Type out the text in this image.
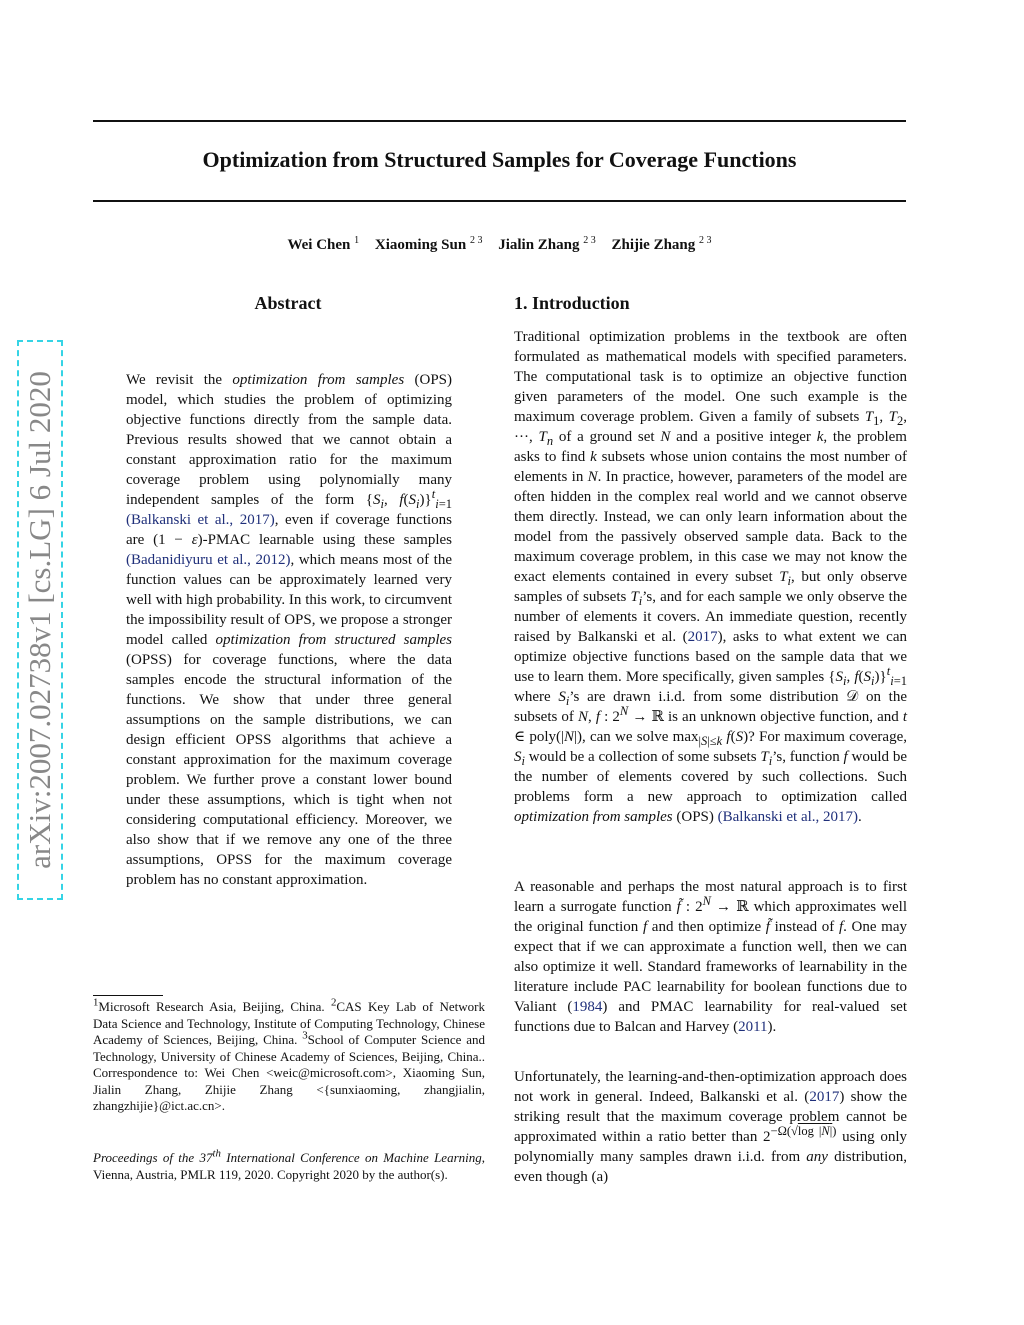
Optimization from Structured Samples for Coverage Functions
Wei Chen $^1$ Xiaoming Sun $^{2 3}$ Jialin Zhang $^{2 3}$ Zhijie Zhang $^{2 3}$
arXiv:2007.02738v1 [cs.LG] 6 Jul 2020
Abstract

We revisit the optimization from samples (OPS) model, which studies the problem of optimizing objective functions directly from the sample data. Previous results showed that we cannot obtain a constant approximation ratio for the maximum coverage problem using polynomially many independent samples of the form {$S_i$, $f(S_i)\}^t_{i=1}$ (Balkanski et al., 2017), even if coverage functions are (1 − ε)-PMAC learnable using these samples (Badanidiyuru et al., 2012), which means most of the function values can be approximately learned very well with high probability. In this work, to circumvent the impossibility result of OPS, we propose a stronger model called optimization from structured samples (OPSS) for coverage functions, where the data samples encode the structural information of the functions. We show that under three general assumptions on the sample distributions, we can design efficient OPSS algorithms that achieve a constant approximation for the maximum coverage problem. We further prove a constant lower bound under these assumptions, which is tight when not considering computational efficiency. Moreover, we also show that if we remove any one of the three assumptions, OPSS for the maximum coverage problem has no constant approximation.

$^1$Microsoft Research Asia, Beijing, China. $^2$CAS Key Lab of Network Data Science and Technology, Institute of Computing Technology, Chinese Academy of Sciences, Beijing, China. $^3$School of Computer Science and Technology, University of Chinese Academy of Sciences, Beijing, China.. Correspondence to: Wei Chen <weic@microsoft.com>, Xiaoming Sun, Jialin Zhang, Zhijie Zhang <{sunxiaoming, zhangjialin, zhangzhijie}@ict.ac.cn>.

Proceedings of the 37th International Conference on Machine Learning, Vienna, Austria, PMLR 119, 2020. Copyright 2020 by the author(s).

1. Introduction

Traditional optimization problems in the textbook are often formulated as mathematical models with specified parameters. The computational task is to optimize an objective function given parameters of the model. One such example is the maximum coverage problem. Given a family of subsets $T_1$, $T_2$, ···, $T_n$ of a ground set N and a positive integer k, the problem asks to find k subsets whose union contains the most number of elements in N. In practice, however, parameters of the model are often hidden in the complex real world and we cannot observe them directly. Instead, we can only learn information about the model from the passively observed sample data. Back to the maximum coverage problem, in this case we may not know the exact elements contained in every subset $T_i$, but only observe samples of subsets $T_i’s$, and for each sample we only observe the number of elements it covers. An immediate question, recently raised by Balkanski et al. (2017), asks to what extent we can optimize objective functions based on the sample data that we use to learn them. More specifically, given samples {$S_i$, $f(S_i)\}^t_{i=1}$ where $S_i’s$ are drawn i.i.d. from some distribution 𝒟 on the subsets of N, f : $2^N$ → ℝ is an unknown objective function, and t ∈ poly(|N|), can we solve $\max_{|S|\le k} f(S)$? For maximum coverage, $S_i$ would be a collection of some subsets $T_i’s$, function f would be the number of elements covered by such collections. Such problems form a new approach to optimization called optimization from samples (OPS) (Balkanski et al., 2017).

A reasonable and perhaps the most natural approach is to first learn a surrogate function f̃ : $2^N$ → ℝ which approximates well the original function f and then optimize f̃ instead of f. One may expect that if we can approximate a function well, then we can also optimize it well. Standard frameworks of learnability in the literature include PAC learnability for boolean functions due to Valiant (1984) and PMAC learnability for real-valued set functions due to Balcan and Harvey (2011).

Unfortunately, the learning-and-then-optimization approach does not work in general. Indeed, Balkanski et al. (2017) show the striking result that the maximum coverage problem cannot be approximated within a ratio better than $2^{-\Omega(√log |N|)}$ using only polynomially many samples drawn i.i.d. from any distribution, even though (a)
